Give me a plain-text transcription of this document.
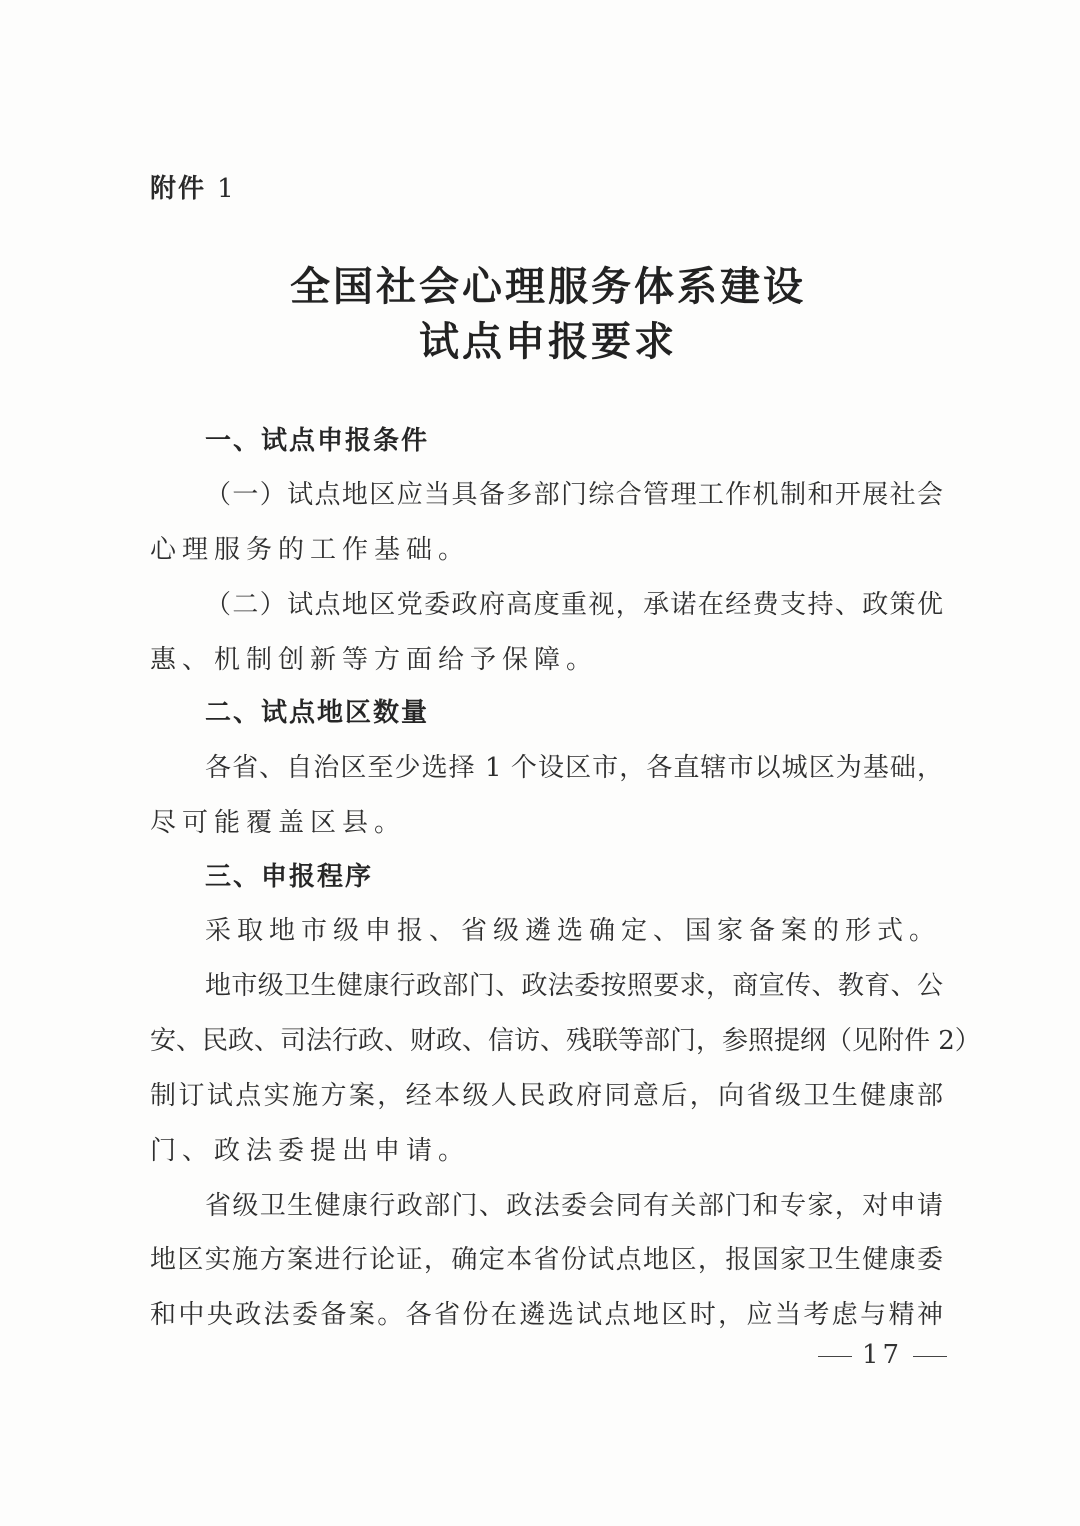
附件 1
全国社会心理服务体系建设
试点申报要求
一、试点申报条件
（一）试点地区应当具备多部门综合管理工作机制和开展社会
心理服务的工作基础。
（二）试点地区党委政府高度重视，承诺在经费支持、政策优
惠、机制创新等方面给予保障。
二、试点地区数量
各省、自治区至少选择 1 个设区市，各直辖市以城区为基础，
尽可能覆盖区县。
三、申报程序
采取地市级申报、省级遴选确定、国家备案的形式。
地市级卫生健康行政部门、政法委按照要求，商宣传、教育、公
安、民政、司法行政、财政、信访、残联等部门，参照提纲（见附件 2）
制订试点实施方案，经本级人民政府同意后，向省级卫生健康部
门、政法委提出申请。
省级卫生健康行政部门、政法委会同有关部门和专家，对申请
地区实施方案进行论证，确定本省份试点地区，报国家卫生健康委
和中央政法委备案。各省份在遴选试点地区时，应当考虑与精神
17
